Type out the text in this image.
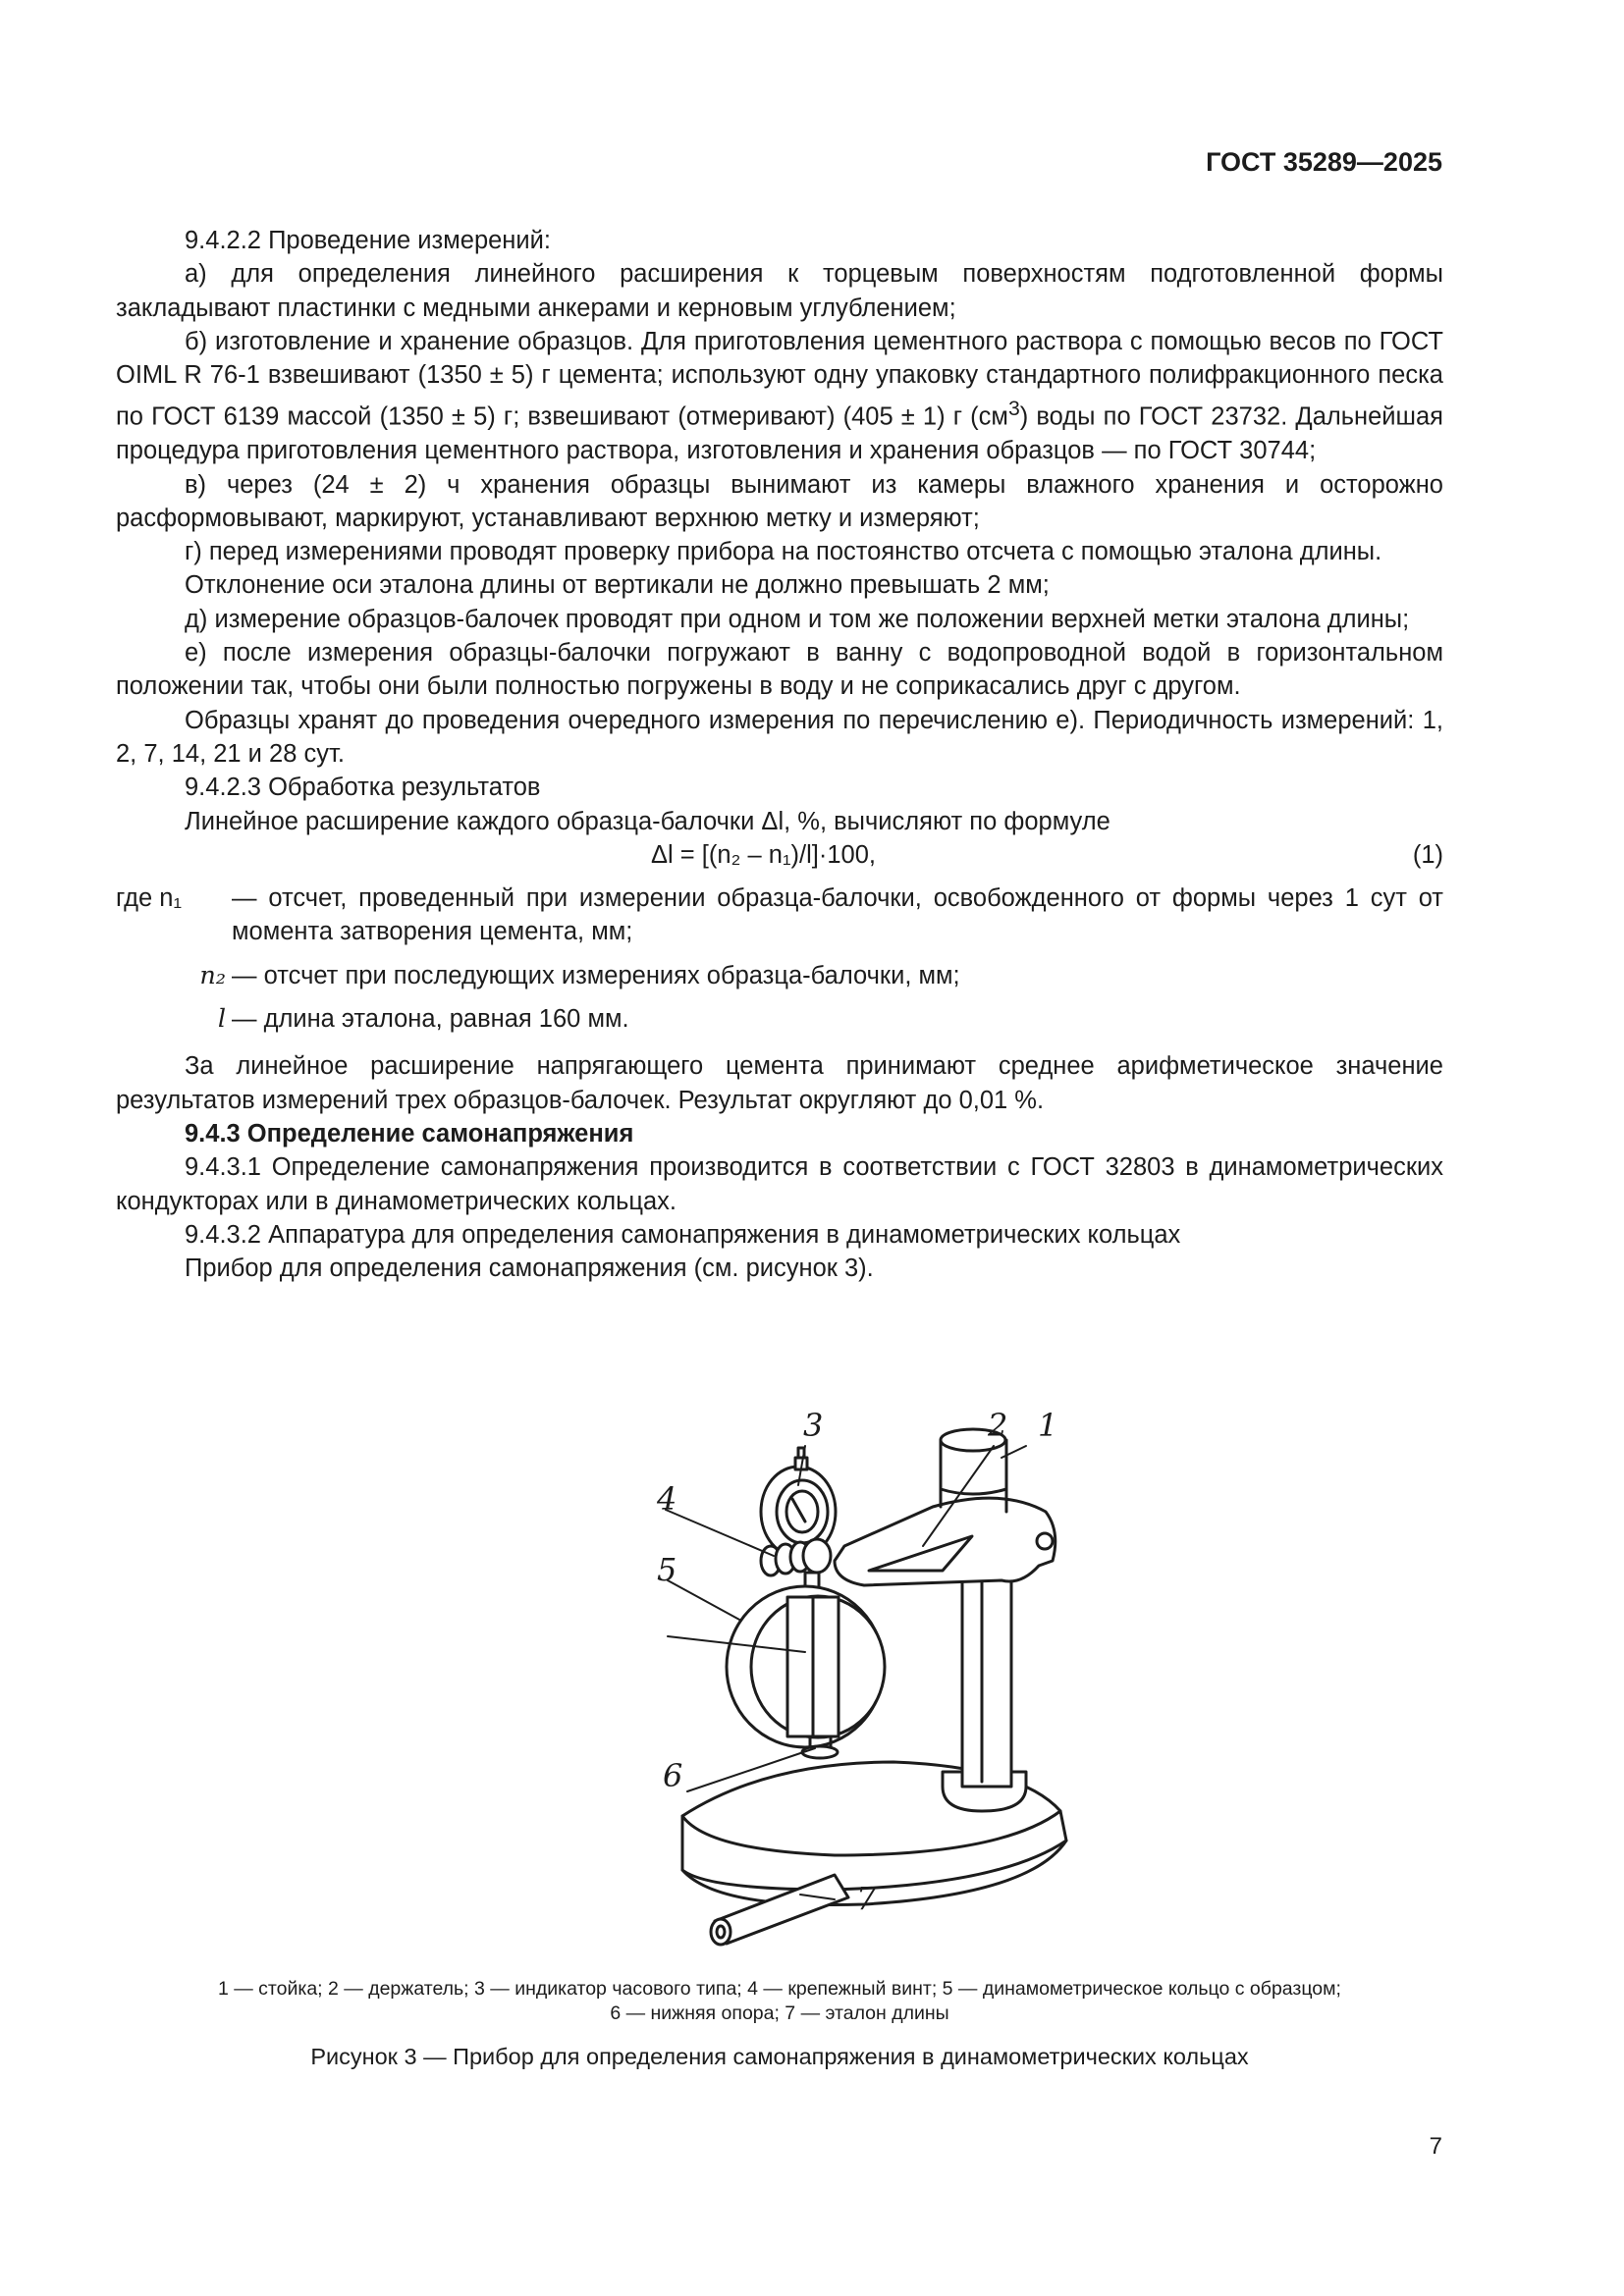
ГОСТ 35289—2025

9.4.2.2 Проведение измерений:

а) для определения линейного расширения к торцевым поверхностям подготовленной формы закладывают пластинки с медными анкерами и керновым углублением;

б) изготовление и хранение образцов. Для приготовления цементного раствора с помощью весов по ГОСТ OIML R 76-1 взвешивают (1350 ± 5) г цемента; используют одну упаковку стандартного полифракционного песка по ГОСТ 6139 массой (1350 ± 5) г; взвешивают (отмеривают) (405 ± 1) г $(см^3)$ воды по ГОСТ 23732. Дальнейшая процедура приготовления цементного раствора, изготовления и хранения образцов — по ГОСТ 30744;

в) через (24 ± 2) ч хранения образцы вынимают из камеры влажного хранения и осторожно расформовывают, маркируют, устанавливают верхнюю метку и измеряют;

г) перед измерениями проводят проверку прибора на постоянство отсчета с помощью эталона длины.

Отклонение оси эталона длины от вертикали не должно превышать 2 мм;

д) измерение образцов-балочек проводят при одном и том же положении верхней метки эталона длины;

е) после измерения образцы-балочки погружают в ванну с водопроводной водой в горизонтальном положении так, чтобы они были полностью погружены в воду и не соприкасались друг с другом.

Образцы хранят до проведения очередного измерения по перечислению е). Периодичность измерений: 1, 2, 7, 14, 21 и 28 сут.

9.4.2.3 Обработка результатов

Линейное расширение каждого образца-балочки Δl, %, вычисляют по формуле

Δl = [(n₂ – n₁)/l]·100,	(1)
где n₁	— отсчет, проведенный при измерении образца-балочки, освобожденного от формы через 1 сут от момента затворения цемента, мм;
n₂ — отсчет при последующих измерениях образца-балочки, мм;
l — длина эталона, равная 160 мм.

За линейное расширение напрягающего цемента принимают среднее арифметическое значение результатов измерений трех образцов-балочек. Результат округляют до 0,01 %.

9.4.3 Определение самонапряжения

9.4.3.1 Определение самонапряжения производится в соответствии с ГОСТ 32803 в динамометрических кондукторах или в динамометрических кольцах.

9.4.3.2 Аппаратура для определения самонапряжения в динамометрических кольцах

Прибор для определения самонапряжения (см. рисунок 3).

3	2 1
4
5
6
7
1 — стойка; 2 — держатель; 3 — индикатор часового типа; 4 — крепежный винт; 5 — динамометрическое кольцо с образцом;
6 — нижняя опора; 7 — эталон длины
Рисунок 3 — Прибор для определения самонапряжения в динамометрических кольцах
7
